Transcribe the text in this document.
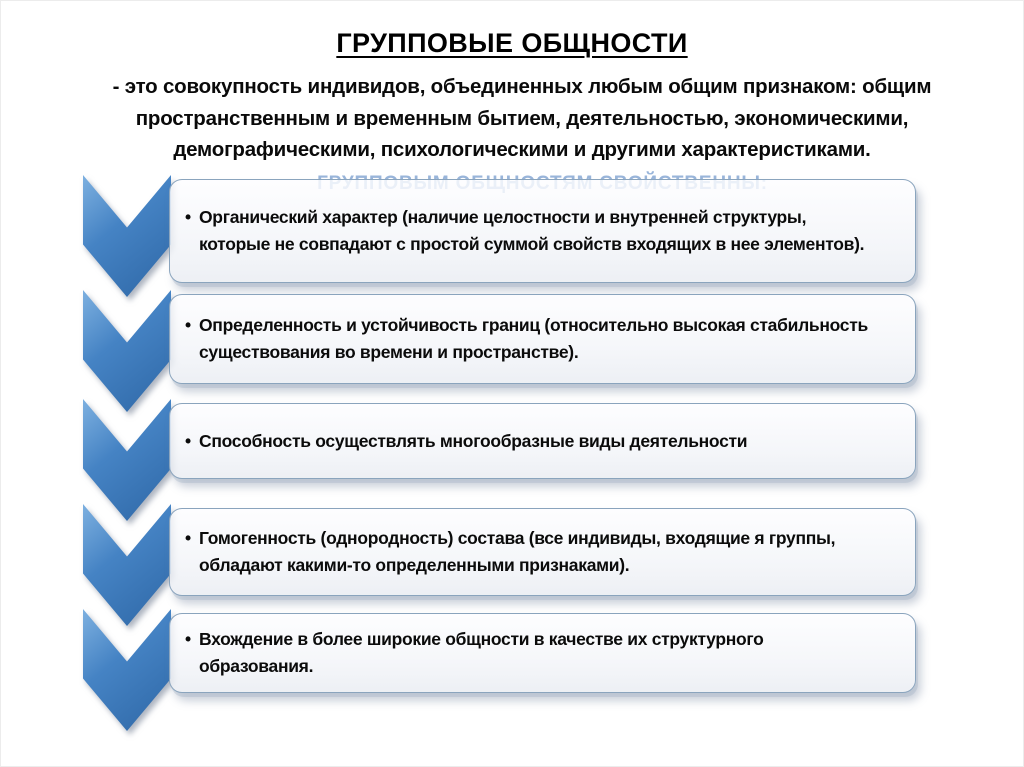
ГРУППОВЫЕ ОБЩНОСТИ
- это совокупность индивидов, объединенных любым общим признаком: общим
пространственным и временным бытием, деятельностью, экономическими,
демографическими, психологическими и другими характеристиками.
• Органический характер (наличие целостности и внутренней структуры,
которые не совпадают с простой суммой свойств входящих в нее элементов).
• Определенность и устойчивость границ (относительно высокая стабильность
существования во времени и пространстве).
• Способность осуществлять многообразные виды деятельности
• Гомогенность (однородность) состава (все индивиды, входящие я группы,
обладают какими-то определенными признаками).
• Вхождение в более широкие общности в качестве их структурного
образования.
